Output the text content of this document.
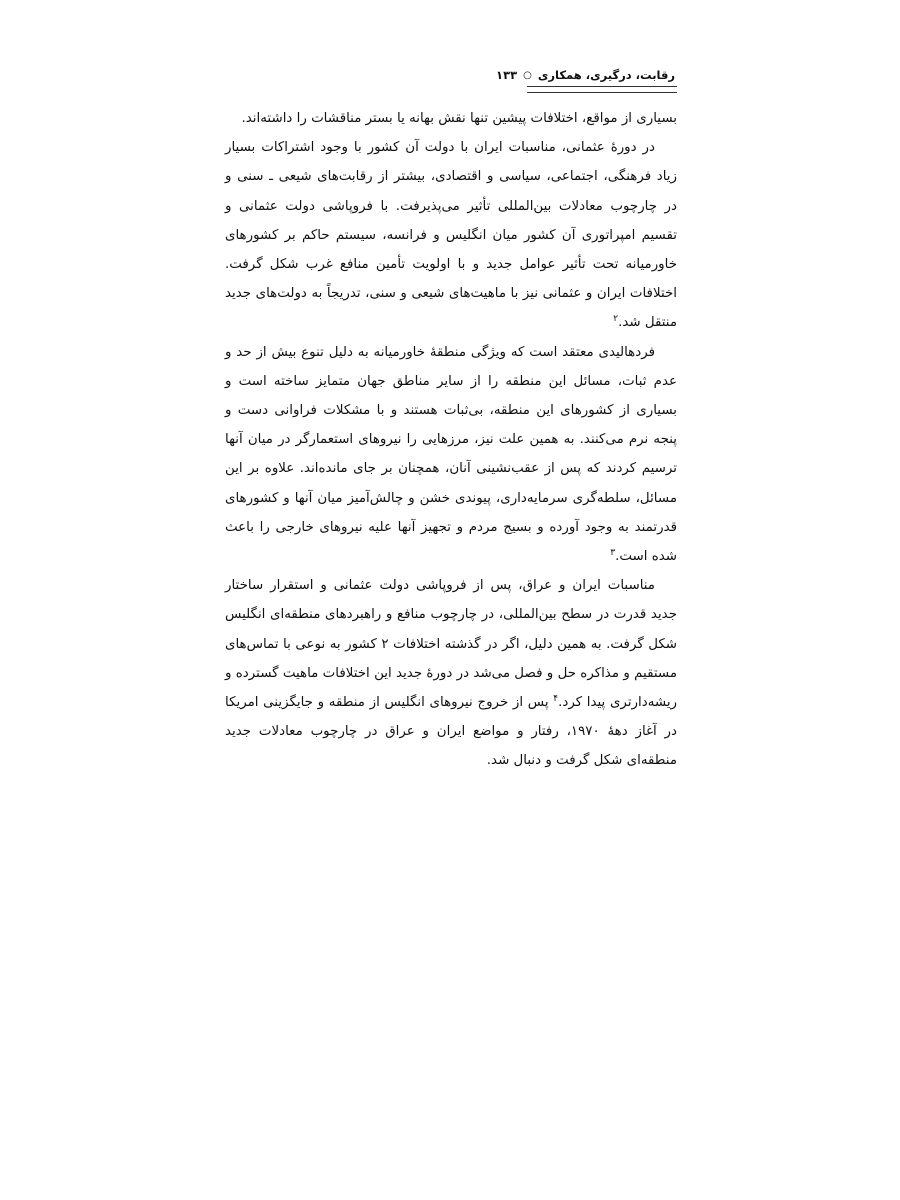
رقابت، درگیری، همکاری
○
۱۳۳

بسیاری از مواقع، اختلافات پیشین تنها نقش بهانه یا بستر مناقشات را داشته‌اند.

در دورهٔ عثمانی، مناسبات ایران با دولت آن کشور با وجود اشتراکات بسیار زیاد فرهنگی، اجتماعی، سیاسی و اقتصادی، بیشتر از رقابت‌های شیعی ـ سنی و در چارچوب معادلات بین‌المللی تأثیر می‌پذیرفت. با فروپاشی دولت عثمانی و تقسیم امپراتوری آن کشور میان انگلیس و فرانسه، سیستم حاکم بر کشورهای خاورمیانه تحت تأثیر عوامل جدید و با اولویت تأمین منافع غرب شکل گرفت. اختلافات ایران و عثمانی نیز با ماهیت‌های شیعی و سنی، تدریجاً به دولت‌های جدید منتقل شد.$^۲$

فردهالیدی معتقد است که ویژگی منطقهٔ خاورمیانه به دلیل تنوع بیش از حد و عدم ثبات، مسائل این منطقه را از سایر مناطق جهان متمایز ساخته است و بسیاری از کشورهای این منطقه، بی‌ثبات هستند و با مشکلات فراوانی دست و پنجه نرم می‌کنند. به همین علت نیز، مرزهایی را نیروهای استعمارگر در میان آنها ترسیم کردند که پس از عقب‌نشینی آنان، همچنان بر جای مانده‌اند. علاوه بر این مسائل، سلطه‌گری سرمایه‌داری، پیوندی خشن و چالش‌آمیز میان آنها و کشورهای قدرتمند به وجود آورده و بسیج مردم و تجهیز آنها علیه نیروهای خارجی را باعث شده است.$^۳$

مناسبات ایران و عراق، پس از فروپاشی دولت عثمانی و استقرار ساختار جدید قدرت در سطح بین‌المللی، در چارچوب منافع و راهبردهای منطقه‌ای انگلیس شکل گرفت. به همین دلیل، اگر در گذشته اختلافات ۲ کشور به نوعی با تماس‌های مستقیم و مذاکره حل و فصل می‌شد در دورهٔ جدید این اختلافات ماهیت گسترده و ریشه‌دارتری پیدا کرد.$^۴$ پس از خروج نیروهای انگلیس از منطقه و جایگزینی امریکا در آغاز دههٔ ۱۹۷۰، رفتار و مواضع ایران و عراق در چارچوب معادلات جدید منطقه‌ای شکل گرفت و دنبال شد.
